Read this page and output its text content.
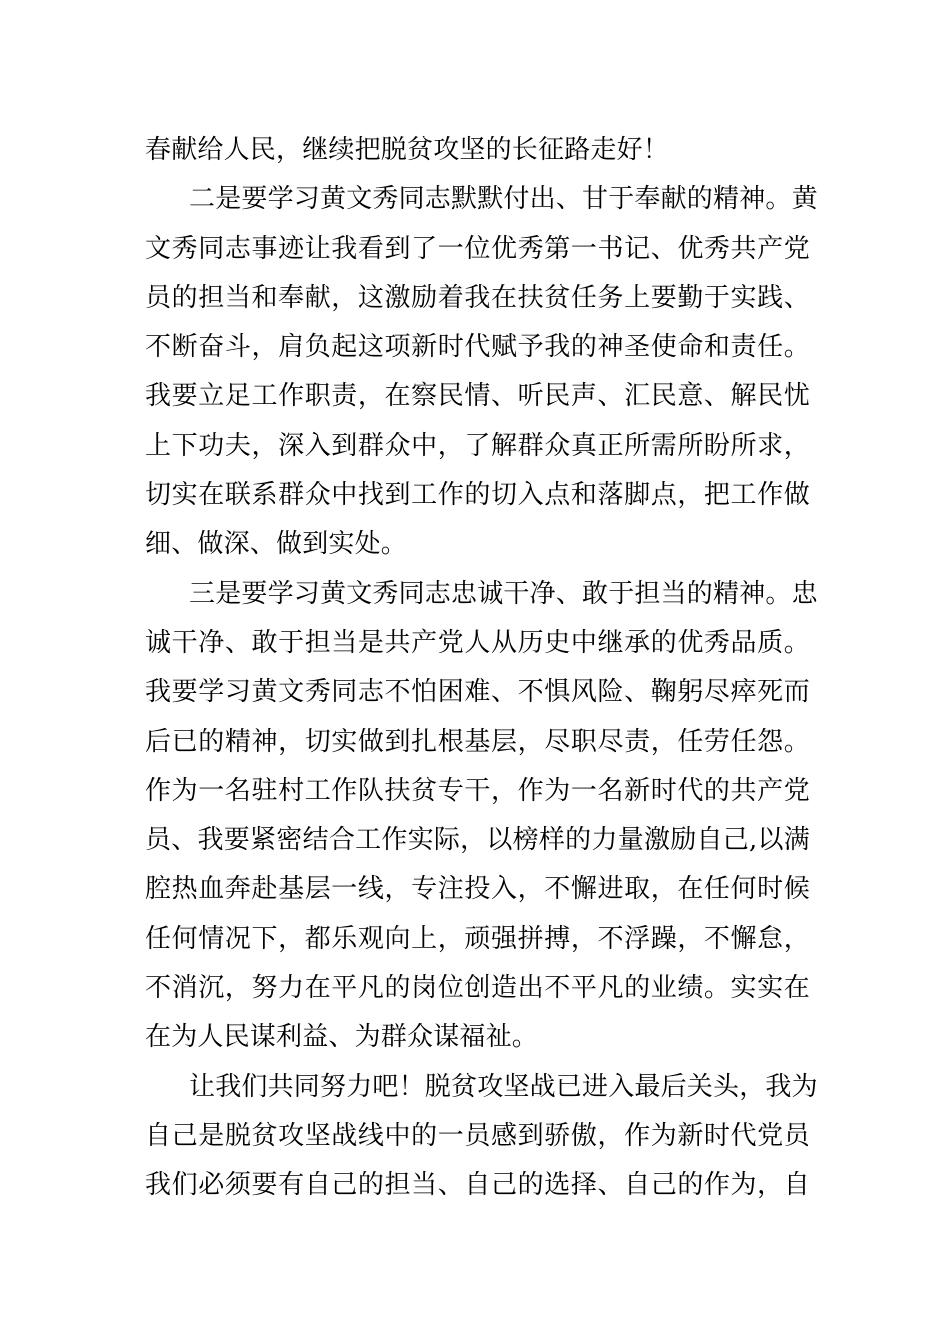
春献给人民，继续把脱贫攻坚的长征路走好！
二是要学习黄文秀同志默默付出、甘于奉献的精神。黄
文秀同志事迹让我看到了一位优秀第一书记、优秀共产党
员的担当和奉献，这激励着我在扶贫任务上要勤于实践、
不断奋斗，肩负起这项新时代赋予我的神圣使命和责任。
我要立足工作职责，在察民情、听民声、汇民意、解民忧
上下功夫，深入到群众中，了解群众真正所需所盼所求，
切实在联系群众中找到工作的切入点和落脚点，把工作做
细、做深、做到实处。
三是要学习黄文秀同志忠诚干净、敢于担当的精神。忠
诚干净、敢于担当是共产党人从历史中继承的优秀品质。
我要学习黄文秀同志不怕困难、不惧风险、鞠躬尽瘁死而
后已的精神，切实做到扎根基层，尽职尽责，任劳任怨。
作为一名驻村工作队扶贫专干，作为一名新时代的共产党
员、我要紧密结合工作实际，以榜样的力量激励自己,以满
腔热血奔赴基层一线，专注投入，不懈进取，在任何时候
任何情况下，都乐观向上，顽强拼搏，不浮躁，不懈怠，
不消沉，努力在平凡的岗位创造出不平凡的业绩。实实在
在为人民谋利益、为群众谋福祉。
让我们共同努力吧！脱贫攻坚战已进入最后关头，我为
自己是脱贫攻坚战线中的一员感到骄傲，作为新时代党员
我们必须要有自己的担当、自己的选择、自己的作为，自
